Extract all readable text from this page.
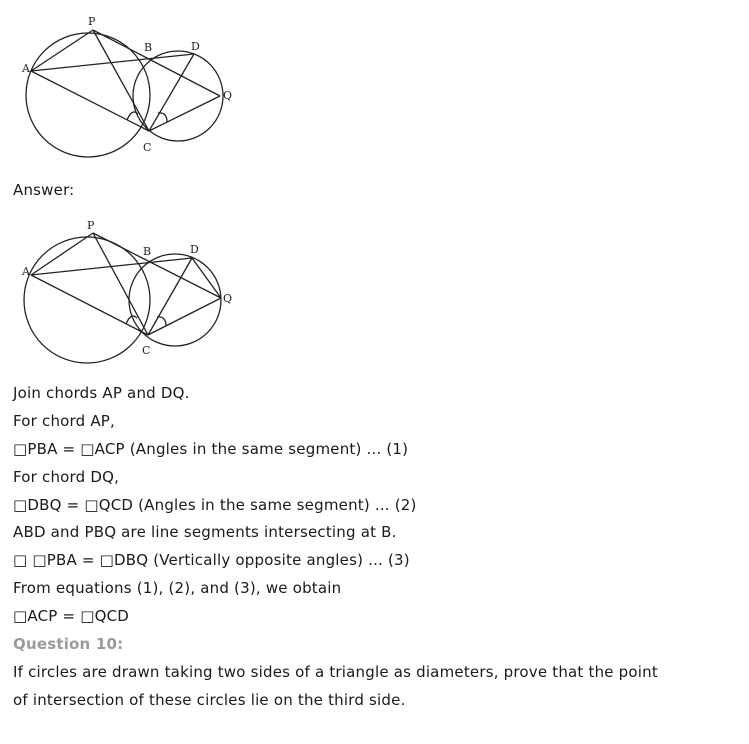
P
B	D
A
Q
C
Answer:
P
B	D
A
Q
C
Join chords AP and DQ.
For chord AP,
□PBA = □ACP (Angles in the same segment) ... (1)
For chord DQ,
□DBQ = □QCD (Angles in the same segment) ... (2)
ABD and PBQ are line segments intersecting at B.
□ □PBA = □DBQ (Vertically opposite angles) ... (3)
From equations (1), (2), and (3), we obtain
□ACP = □QCD
Question 10:
If circles are drawn taking two sides of a triangle as diameters, prove that the point
of intersection of these circles lie on the third side.
